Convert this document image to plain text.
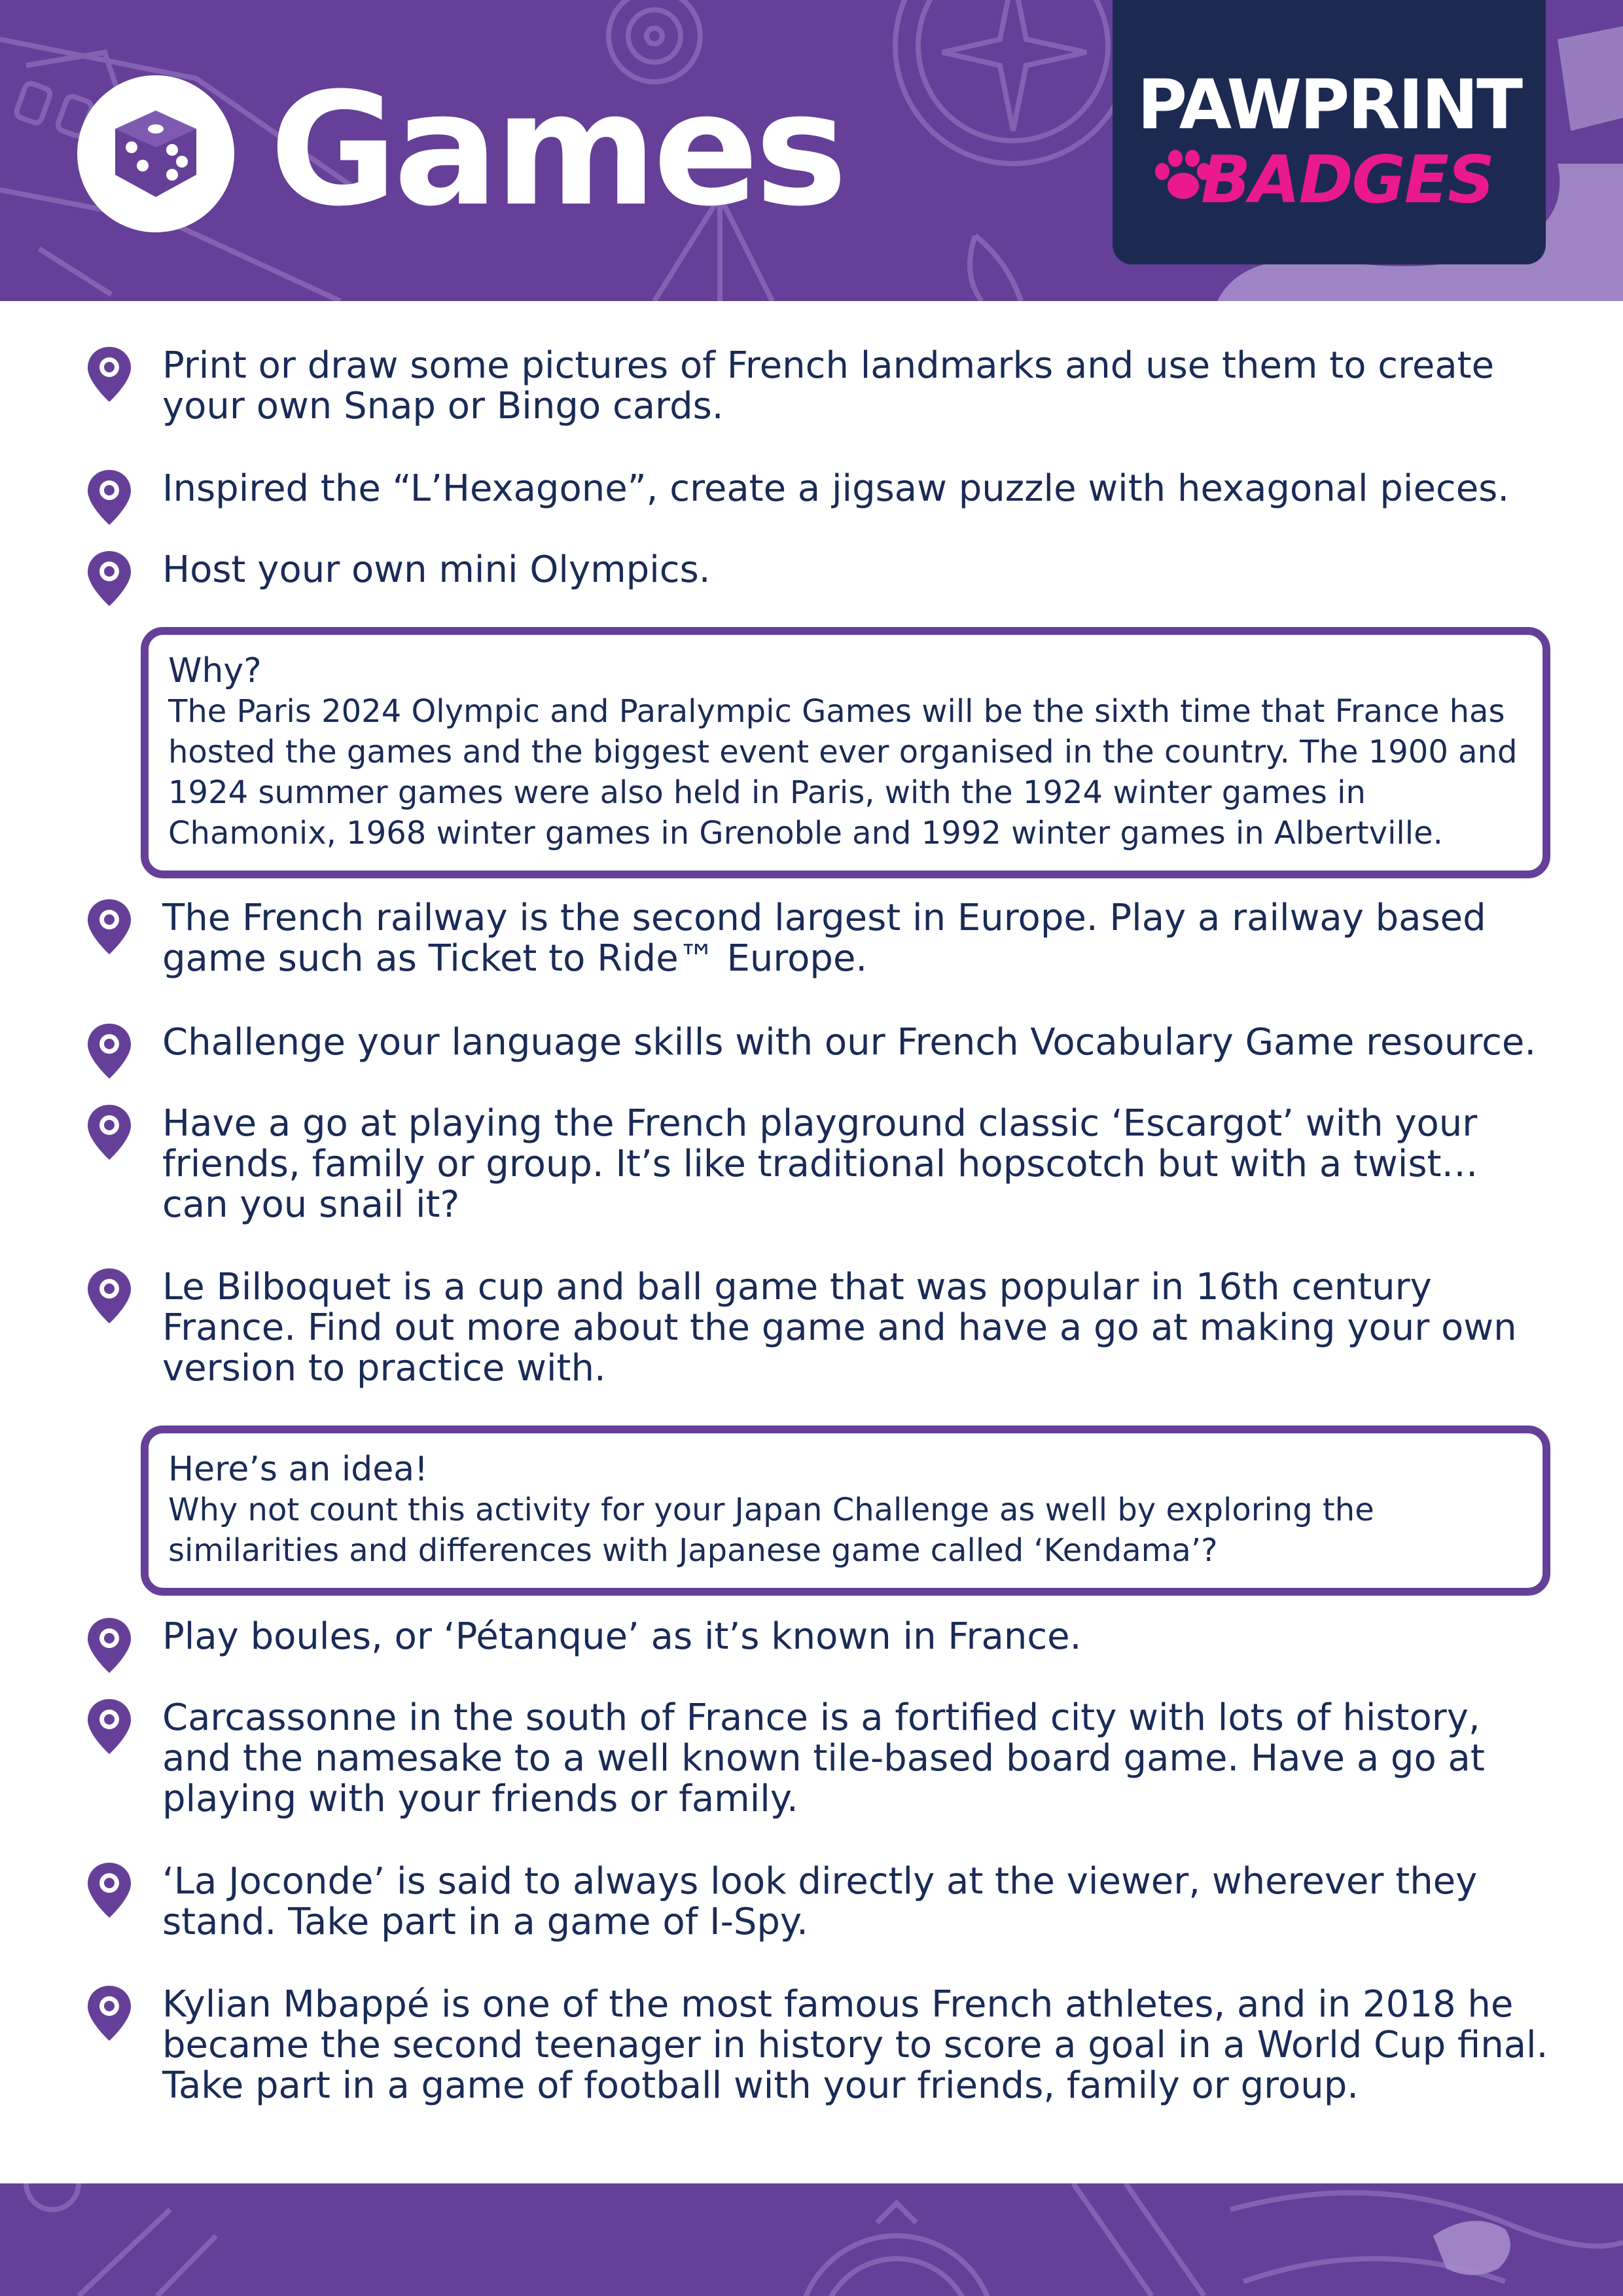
Games	PAWPRINT
BADGES
Print or draw some pictures of French landmarks and use them to create your own Snap or Bingo cards.
Inspired the “L’Hexagone”, create a jigsaw puzzle with hexagonal pieces.
Host your own mini Olympics.
Why?
The Paris 2024 Olympic and Paralympic Games will be the sixth time that France has hosted the games and the biggest event ever organised in the country. The 1900 and 1924 summer games were also held in Paris, with the 1924 winter games in Chamonix, 1968 winter games in Grenoble and 1992 winter games in Albertville.
The French railway is the second largest in Europe. Play a railway based game such as Ticket to Ride™ Europe.
Challenge your language skills with our French Vocabulary Game resource.
Have a go at playing the French playground classic ‘Escargot’ with your friends, family or group. It’s like traditional hopscotch but with a twist… can you snail it?
Le Bilboquet is a cup and ball game that was popular in 16th century France. Find out more about the game and have a go at making your own version to practice with.
Here’s an idea!
Why not count this activity for your Japan Challenge as well by exploring the similarities and differences with Japanese game called ‘Kendama’?
Play boules, or ‘Pétanque’ as it’s known in France.
Carcassonne in the south of France is a fortified city with lots of history, and the namesake to a well known tile-based board game. Have a go at playing with your friends or family.
‘La Joconde’ is said to always look directly at the viewer, wherever they stand. Take part in a game of I-Spy.
Kylian Mbappé is one of the most famous French athletes, and in 2018 he became the second teenager in history to score a goal in a World Cup final. Take part in a game of football with your friends, family or group.
